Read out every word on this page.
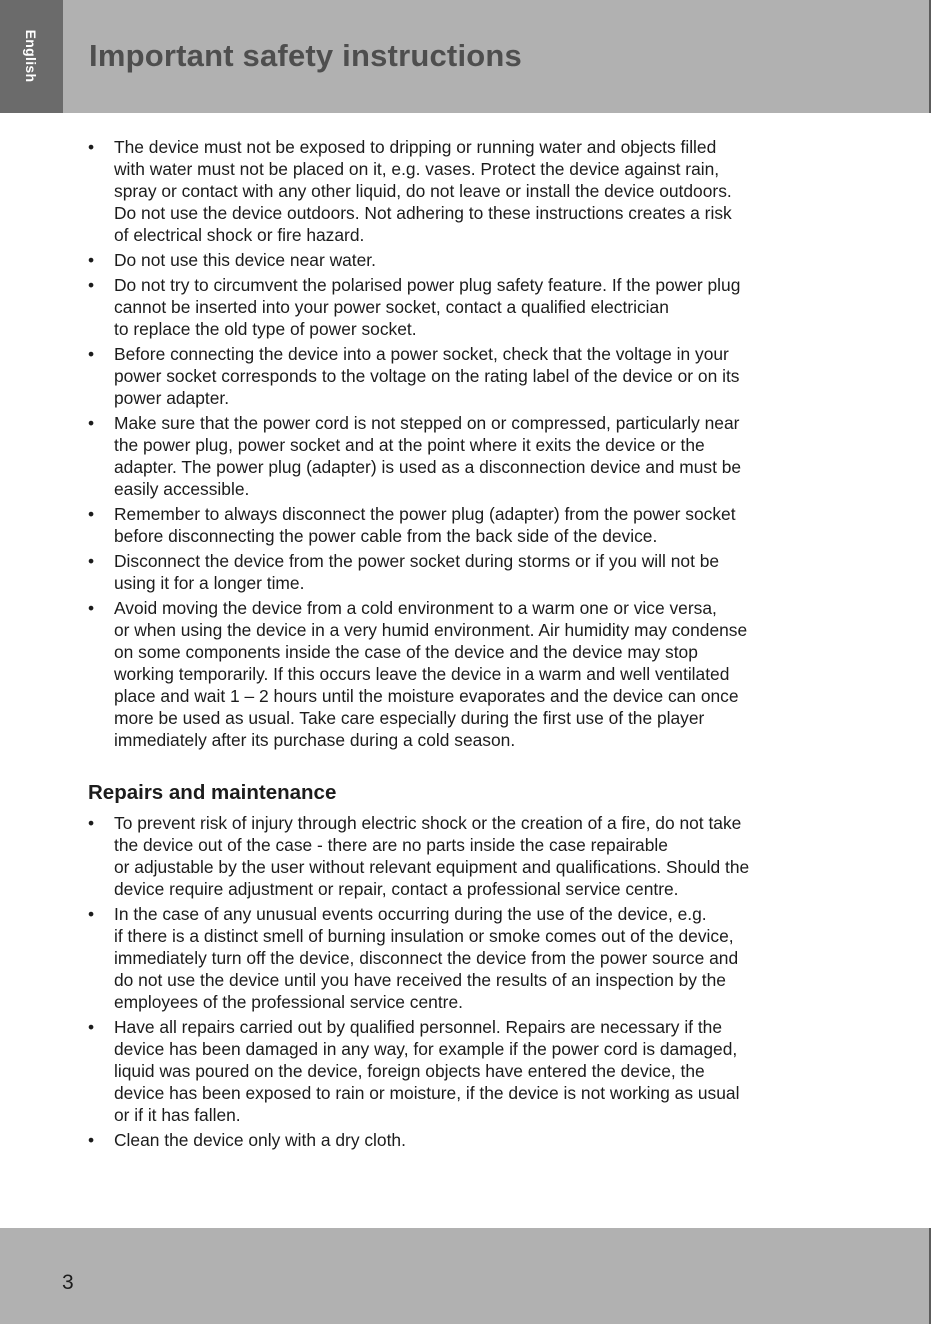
English Important safety instructions
• The device must not be exposed to dripping or running water and objects filled
with water must not be placed on it, e.g. vases. Protect the device against rain,
spray or contact with any other liquid, do not leave or install the device outdoors.
Do not use the device outdoors. Not adhering to these instructions creates a risk
of electrical shock or fire hazard.
• Do not use this device near water.
• Do not try to circumvent the polarised power plug safety feature. If the power plug
cannot be inserted into your power socket, contact a qualified electrician
to replace the old type of power socket.
• Before connecting the device into a power socket, check that the voltage in your
power socket corresponds to the voltage on the rating label of the device or on its
power adapter.
• Make sure that the power cord is not stepped on or compressed, particularly near
the power plug, power socket and at the point where it exits the device or the
adapter. The power plug (adapter) is used as a disconnection device and must be
easily accessible.
• Remember to always disconnect the power plug (adapter) from the power socket
before disconnecting the power cable from the back side of the device.
• Disconnect the device from the power socket during storms or if you will not be
using it for a longer time.
• Avoid moving the device from a cold environment to a warm one or vice versa,
or when using the device in a very humid environment. Air humidity may condense
on some components inside the case of the device and the device may stop
working temporarily. If this occurs leave the device in a warm and well ventilated
place and wait 1 – 2 hours until the moisture evaporates and the device can once
more be used as usual. Take care especially during the first use of the player
immediately after its purchase during a cold season.
Repairs and maintenance
• To prevent risk of injury through electric shock or the creation of a fire, do not take
the device out of the case - there are no parts inside the case repairable
or adjustable by the user without relevant equipment and qualifications. Should the
device require adjustment or repair, contact a professional service centre.
• In the case of any unusual events occurring during the use of the device, e.g.
if there is a distinct smell of burning insulation or smoke comes out of the device,
immediately turn off the device, disconnect the device from the power source and
do not use the device until you have received the results of an inspection by the
employees of the professional service centre.
• Have all repairs carried out by qualified personnel. Repairs are necessary if the
device has been damaged in any way, for example if the power cord is damaged,
liquid was poured on the device, foreign objects have entered the device, the
device has been exposed to rain or moisture, if the device is not working as usual
or if it has fallen.
• Clean the device only with a dry cloth.
3
